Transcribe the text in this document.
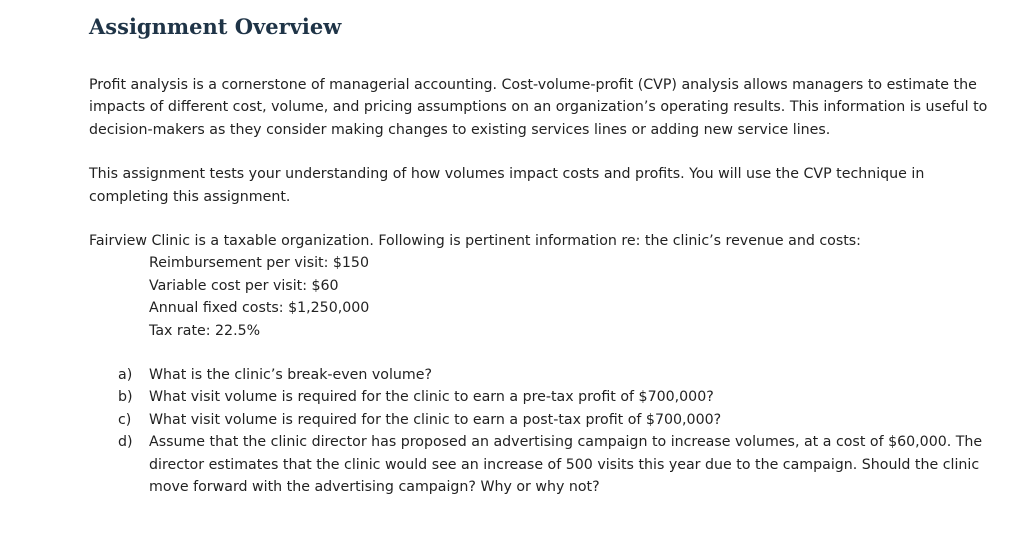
Assignment Overview

Profit analysis is a cornerstone of managerial accounting. Cost-volume-profit (CVP) analysis allows managers to estimate the impacts of different cost, volume, and pricing assumptions on an organization’s operating results. This information is useful to decision-makers as they consider making changes to existing services lines or adding new service lines.

This assignment tests your understanding of how volumes impact costs and profits. You will use the CVP technique in completing this assignment.

Fairview Clinic is a taxable organization. Following is pertinent information re: the clinic’s revenue and costs:

Reimbursement per visit: $150
Variable cost per visit: $60
Annual fixed costs: $1,250,000
Tax rate: 22.5%
a) What is the clinic’s break-even volume?
b) What visit volume is required for the clinic to earn a pre-tax profit of $700,000?
c) What visit volume is required for the clinic to earn a post-tax profit of $700,000?
d) Assume that the clinic director has proposed an advertising campaign to increase volumes, at a cost of $60,000. The director estimates that the clinic would see an increase of 500 visits this year due to the campaign. Should the clinic move forward with the advertising campaign? Why or why not?
